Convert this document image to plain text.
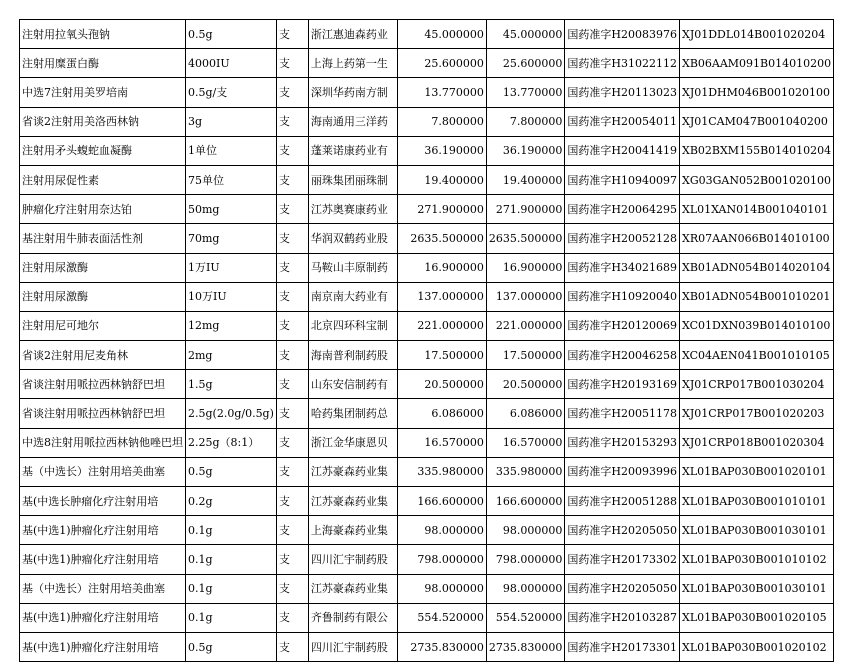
注射用拉氧头孢钠	0.5g	支	浙江惠迪森药业	45.000000	45.000000	国药准字H20083976	XJ01DDL014B001020204
注射用糜蛋白酶	4000IU	支	上海上药第一生	25.600000	25.600000	国药准字H31022112	XB06AAM091B014010200
中选7注射用美罗培南	0.5g/支	支	深圳华药南方制	13.770000	13.770000	国药准字H20113023	XJ01DHM046B001020100
省谈2注射用美洛西林钠	3g	支	海南通用三洋药	7.800000	7.800000	国药准字H20054011	XJ01CAM047B001040200
注射用矛头蝮蛇血凝酶	1单位	支	蓬莱诺康药业有	36.190000	36.190000	国药准字H20041419	XB02BXM155B014010204
注射用尿促性素	75单位	支	丽珠集团丽珠制	19.400000	19.400000	国药准字H10940097	XG03GAN052B001020100
肿瘤化疗注射用奈达铂	50mg	支	江苏奥赛康药业	271.900000	271.900000	国药准字H20064295	XL01XAN014B001040101
基注射用牛肺表面活性剂	70mg	支	华润双鹤药业股	2635.500000	2635.500000	国药准字H20052128	XR07AAN066B014010100
注射用尿激酶	1万IU	支	马鞍山丰原制药	16.900000	16.900000	国药准字H34021689	XB01ADN054B014020104
注射用尿激酶	10万IU	支	南京南大药业有	137.000000	137.000000	国药准字H10920040	XB01ADN054B001010201
注射用尼可地尔	12mg	支	北京四环科宝制	221.000000	221.000000	国药准字H20120069	XC01DXN039B014010100
省谈2注射用尼麦角林	2mg	支	海南普利制药股	17.500000	17.500000	国药准字H20046258	XC04AEN041B001010105
省谈注射用哌拉西林钠舒巴坦	1.5g	支	山东安信制药有	20.500000	20.500000	国药准字H20193169	XJ01CRP017B001030204
省谈注射用哌拉西林钠舒巴坦	2.5g(2.0g/0.5g)	支	哈药集团制药总	6.086000	6.086000	国药准字H20051178	XJ01CRP017B001020203
中选8注射用哌拉西林钠他唑巴坦	2.25g（8:1）	支	浙江金华康恩贝	16.570000	16.570000	国药准字H20153293	XJ01CRP018B001020304
基（中选长）注射用培美曲塞	0.5g	支	江苏豪森药业集	335.980000	335.980000	国药准字H20093996	XL01BAP030B001020101
基(中选长肿瘤化疗注射用培	0.2g	支	江苏豪森药业集	166.600000	166.600000	国药准字H20051288	XL01BAP030B001010101
基(中选1)肿瘤化疗注射用培	0.1g	支	上海豪森药业集	98.000000	98.000000	国药准字H20205050	XL01BAP030B001030101
基(中选1)肿瘤化疗注射用培	0.1g	支	四川汇宇制药股	798.000000	798.000000	国药准字H20173302	XL01BAP030B001010102
基（中选长）注射用培美曲塞	0.1g	支	江苏豪森药业集	98.000000	98.000000	国药准字H20205050	XL01BAP030B001030101
基(中选1)肿瘤化疗注射用培	0.1g	支	齐鲁制药有限公	554.520000	554.520000	国药准字H20103287	XL01BAP030B001020105
基(中选1)肿瘤化疗注射用培	0.5g	支	四川汇宇制药股	2735.830000	2735.830000	国药准字H20173301	XL01BAP030B001020102
